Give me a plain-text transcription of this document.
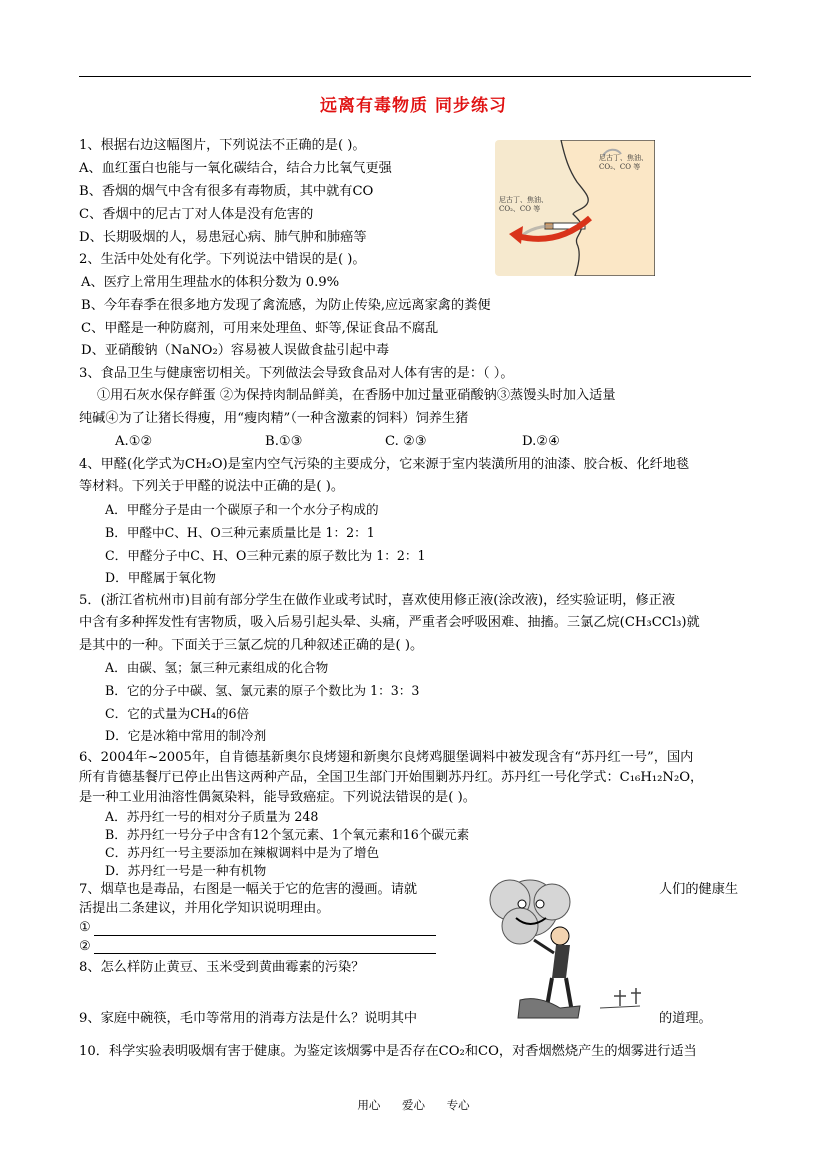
远离有毒物质 同步练习
1、根据右边这幅图片，下列说法不正确的是( )。
A、血红蛋白也能与一氧化碳结合，结合力比氧气更强
B、香烟的烟气中含有很多有毒物质，其中就有CO
C、香烟中的尼古丁对人体是没有危害的
D、长期吸烟的人，易患冠心病、肺气肿和肺癌等
2、生活中处处有化学。下列说法中错误的是( )。
A、医疗上常用生理盐水的体积分数为 0.9%
B、今年春季在很多地方发现了禽流感，为防止传染,应远离家禽的粪便
C、甲醛是一种防腐剂，可用来处理鱼、虾等,保证食品不腐乱
D、亚硝酸钠（NaNO₂）容易被人误做食盐引起中毒
3、食品卫生与健康密切相关。下列做法会导致食品对人体有害的是：（ ）。
①用石灰水保存鲜蛋 ②为保持肉制品鲜美，在香肠中加过量亚硝酸钠③蒸馒头时加入适量
纯碱④为了让猪长得瘦，用“瘦肉精”（一种含激素的饲料）饲养生猪
A.①②	B.①③	C. ②③	D.②④
4、甲醛(化学式为CH₂O)是室内空气污染的主要成分，它来源于室内装潢所用的油漆、胶合板、化纤地毯
等材料。下列关于甲醛的说法中正确的是( )。
A．甲醛分子是由一个碳原子和一个水分子构成的
B．甲醛中C、H、O三种元素质量比是 1：2：1
C．甲醛分子中C、H、O三种元素的原子数比为 1：2：1
D．甲醛属于氧化物
5．(浙江省杭州市)目前有部分学生在做作业或考试时，喜欢使用修正液(涂改液)，经实验证明，修正液
中含有多种挥发性有害物质，吸入后易引起头晕、头痛，严重者会呼吸困难、抽搐。三氯乙烷(CH₃CCl₃)就
是其中的一种。下面关于三氯乙烷的几种叙述正确的是( )。
A．由碳、氢；氯三种元素组成的化合物
B．它的分子中碳、氢、氯元素的原子个数比为 1：3：3
C．它的式量为CH₄的6倍
D．它是冰箱中常用的制冷剂
6、2004年~2005年，自肯德基新奥尔良烤翅和新奥尔良烤鸡腿堡调料中被发现含有“苏丹红一号”，国内
所有肯德基餐厅已停止出售这两种产品，全国卫生部门开始围剿苏丹红。苏丹红一号化学式：C₁₆H₁₂N₂O，
是一种工业用油溶性偶氮染料，能导致癌症。下列说法错误的是( )。
A．苏丹红一号的相对分子质量为 248
B．苏丹红一号分子中含有12个氢元素、1个氧元素和16个碳元素
C．苏丹红一号主要添加在辣椒调料中是为了增色
D．苏丹红一号是一种有机物
7、烟草也是毒品，右图是一幅关于它的危害的漫画。请就	人们的健康生
活提出二条建议，并用化学知识说明理由。
①
②
8、怎么样防止黄豆、玉米受到黄曲霉素的污染？
9、家庭中碗筷，毛巾等常用的消毒方法是什么？说明其中	的道理。
10．科学实验表明吸烟有害于健康。为鉴定该烟雾中是否存在CO₂和CO，对香烟燃烧产生的烟雾进行适当
尼古丁、焦油、CO₂、CO 等
尼古丁、焦油、CO₂、CO 等
用心 爱心 专心
